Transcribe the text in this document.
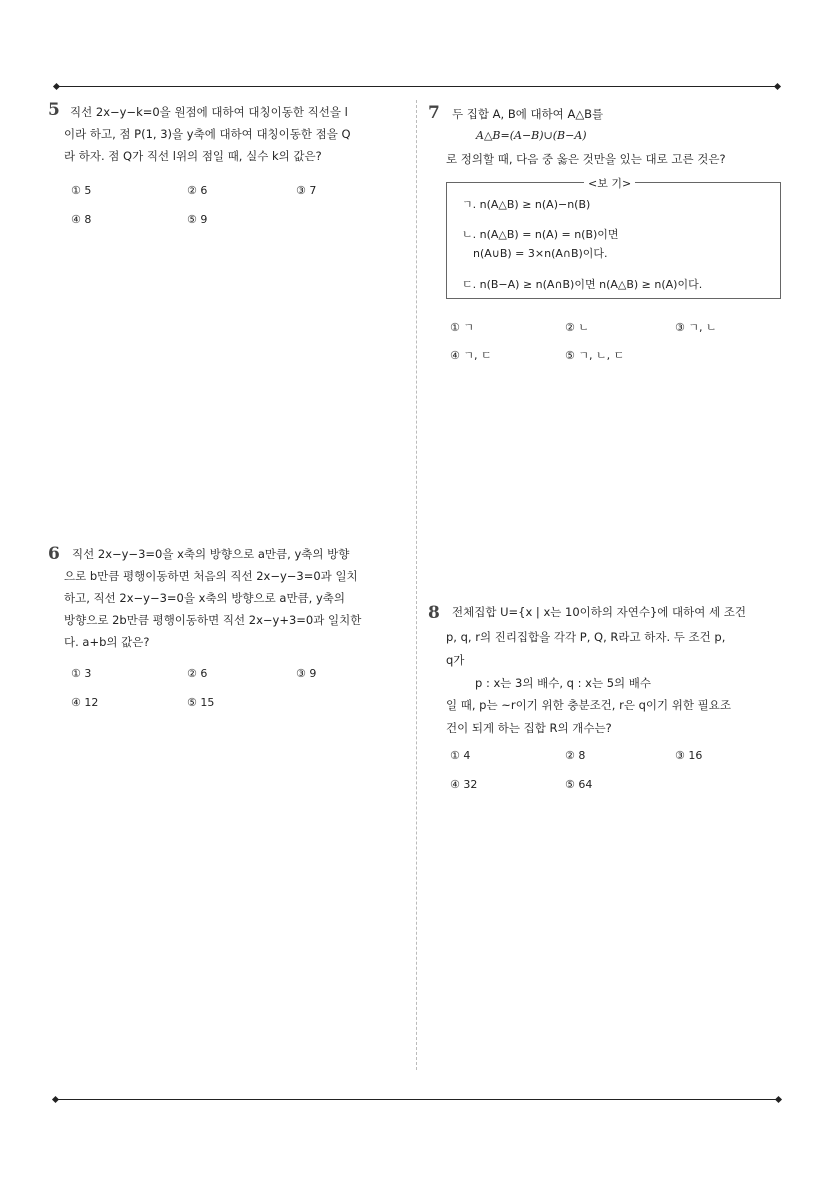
5 직선 2x−y−k=0을 원점에 대하여 대칭이동한 직선을 l
이라 하고, 점 P(1, 3)을 y축에 대하여 대칭이동한 점을 Q
라 하자. 점 Q가 직선 l위의 점일 때, 실수 k의 값은?
① 5	② 6	③ 7
④ 8	⑤ 9
6 직선 2x−y−3=0을 x축의 방향으로 a만큼, y축의 방향
으로 b만큼 평행이동하면 처음의 직선 2x−y−3=0과 일치
하고, 직선 2x−y−3=0을 x축의 방향으로 a만큼, y축의
방향으로 2b만큼 평행이동하면 직선 2x−y+3=0과 일치한
다. a+b의 값은?
① 3	② 6	③ 9
④ 12	⑤ 15
7 두 집합 A, B에 대하여 A△B를
A△B=(A−B)∪(B−A)
로 정의할 때, 다음 중 옳은 것만을 있는 대로 고른 것은?
<보 기>
ㄱ. n(A△B) ≥ n(A)−n(B)
ㄴ. n(A△B) = n(A) = n(B)이면
n(A∪B) = 3×n(A∩B)이다.
ㄷ. n(B−A) ≥ n(A∩B)이면 n(A△B) ≥ n(A)이다.
① ㄱ	② ㄴ	③ ㄱ, ㄴ
④ ㄱ, ㄷ	⑤ ㄱ, ㄴ, ㄷ
8 전체집합 U={x | x는 10이하의 자연수}에 대하여 세 조건
p, q, r의 진리집합을 각각 P, Q, R라고 하자. 두 조건 p,
q가
p : x는 3의 배수, q : x는 5의 배수
일 때, p는 ~r이기 위한 충분조건, r은 q이기 위한 필요조
건이 되게 하는 집합 R의 개수는?
① 4	② 8	③ 16
④ 32	⑤ 64
